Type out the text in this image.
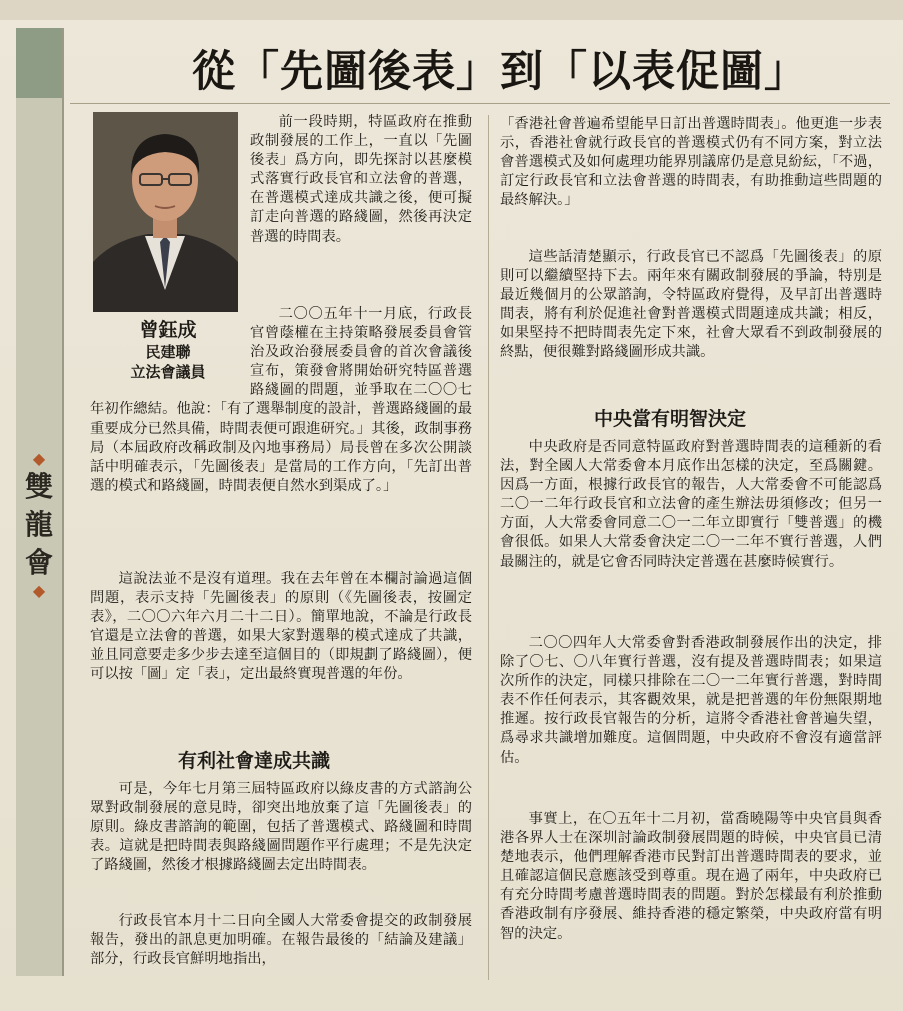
◆
雙
龍
會
◆
從「先圖後表」到「以表促圖」
曾鈺成
民建聯
立法會議員

前一段時期，特區政府在推動政制發展的工作上，一直以「先圖後表」爲方向，即先探討以甚麼模式落實行政長官和立法會的普選，在普選模式達成共識之後，便可擬訂走向普選的路綫圖，然後再決定普選的時間表。

二〇〇五年十一月底，行政長官曾蔭權在主持策略發展委員會管治及政治發展委員會的首次會議後宣布，策發會將開始研究特區普選路綫圖的問題，並爭取在二〇〇七年初作總結。他說：「有了選舉制度的設計，普選路綫圖的最重要成分已然具備，時間表便可跟進研究。」其後，政制事務局（本屆政府改稱政制及內地事務局）局長曾在多次公開談話中明確表示，「先圖後表」是當局的工作方向，「先訂出普選的模式和路綫圖，時間表便自然水到渠成了。」

這說法並不是沒有道理。我在去年曾在本欄討論過這個問題，表示支持「先圖後表」的原則（《先圖後表，按圖定表》，二〇〇六年六月二十二日）。簡單地說，不論是行政長官還是立法會的普選，如果大家對選舉的模式達成了共識，並且同意要走多少步去達至這個目的（即規劃了路綫圖），便可以按「圖」定「表」，定出最終實現普選的年份。

有利社會達成共識

可是，今年七月第三屆特區政府以綠皮書的方式諮詢公眾對政制發展的意見時，卻突出地放棄了這「先圖後表」的原則。綠皮書諮詢的範圍，包括了普選模式、路綫圖和時間表。這就是把時間表與路綫圖問題作平行處理；不是先決定了路綫圖，然後才根據路綫圖去定出時間表。

行政長官本月十二日向全國人大常委會提交的政制發展報告，發出的訊息更加明確。在報告最後的「結論及建議」部分，行政長官鮮明地指出，

「香港社會普遍希望能早日訂出普選時間表」。他更進一步表示，香港社會就行政長官的普選模式仍有不同方案，對立法會普選模式及如何處理功能界別議席仍是意見紛紜，「不過，訂定行政長官和立法會普選的時間表，有助推動這些問題的最終解決。」

這些話清楚顯示，行政長官已不認爲「先圖後表」的原則可以繼續堅持下去。兩年來有關政制發展的爭論，特別是最近幾個月的公眾諮詢，令特區政府覺得，及早訂出普選時間表，將有利於促進社會對普選模式問題達成共識；相反，如果堅持不把時間表先定下來，社會大眾看不到政制發展的終點，便很難對路綫圖形成共識。

中央當有明智決定

中央政府是否同意特區政府對普選時間表的這種新的看法，對全國人大常委會本月底作出怎樣的決定，至爲關鍵。因爲一方面，根據行政長官的報告，人大常委會不可能認爲二〇一二年行政長官和立法會的產生辦法毋須修改；但另一方面，人大常委會同意二〇一二年立即實行「雙普選」的機會很低。如果人大常委會決定二〇一二年不實行普選，人們最關注的，就是它會否同時決定普選在甚麼時候實行。

二〇〇四年人大常委會對香港政制發展作出的決定，排除了〇七、〇八年實行普選，沒有提及普選時間表；如果這次所作的決定，同樣只排除在二〇一二年實行普選，對時間表不作任何表示，其客觀效果，就是把普選的年份無限期地推遲。按行政長官報告的分析，這將令香港社會普遍失望，爲尋求共識增加難度。這個問題，中央政府不會沒有適當評估。

事實上，在〇五年十二月初，當喬曉陽等中央官員與香港各界人士在深圳討論政制發展問題的時候，中央官員已清楚地表示，他們理解香港市民對訂出普選時間表的要求，並且確認這個民意應該受到尊重。現在過了兩年，中央政府已有充分時間考慮普選時間表的問題。對於怎樣最有利於推動香港政制有序發展、維持香港的穩定繁榮，中央政府當有明智的決定。
